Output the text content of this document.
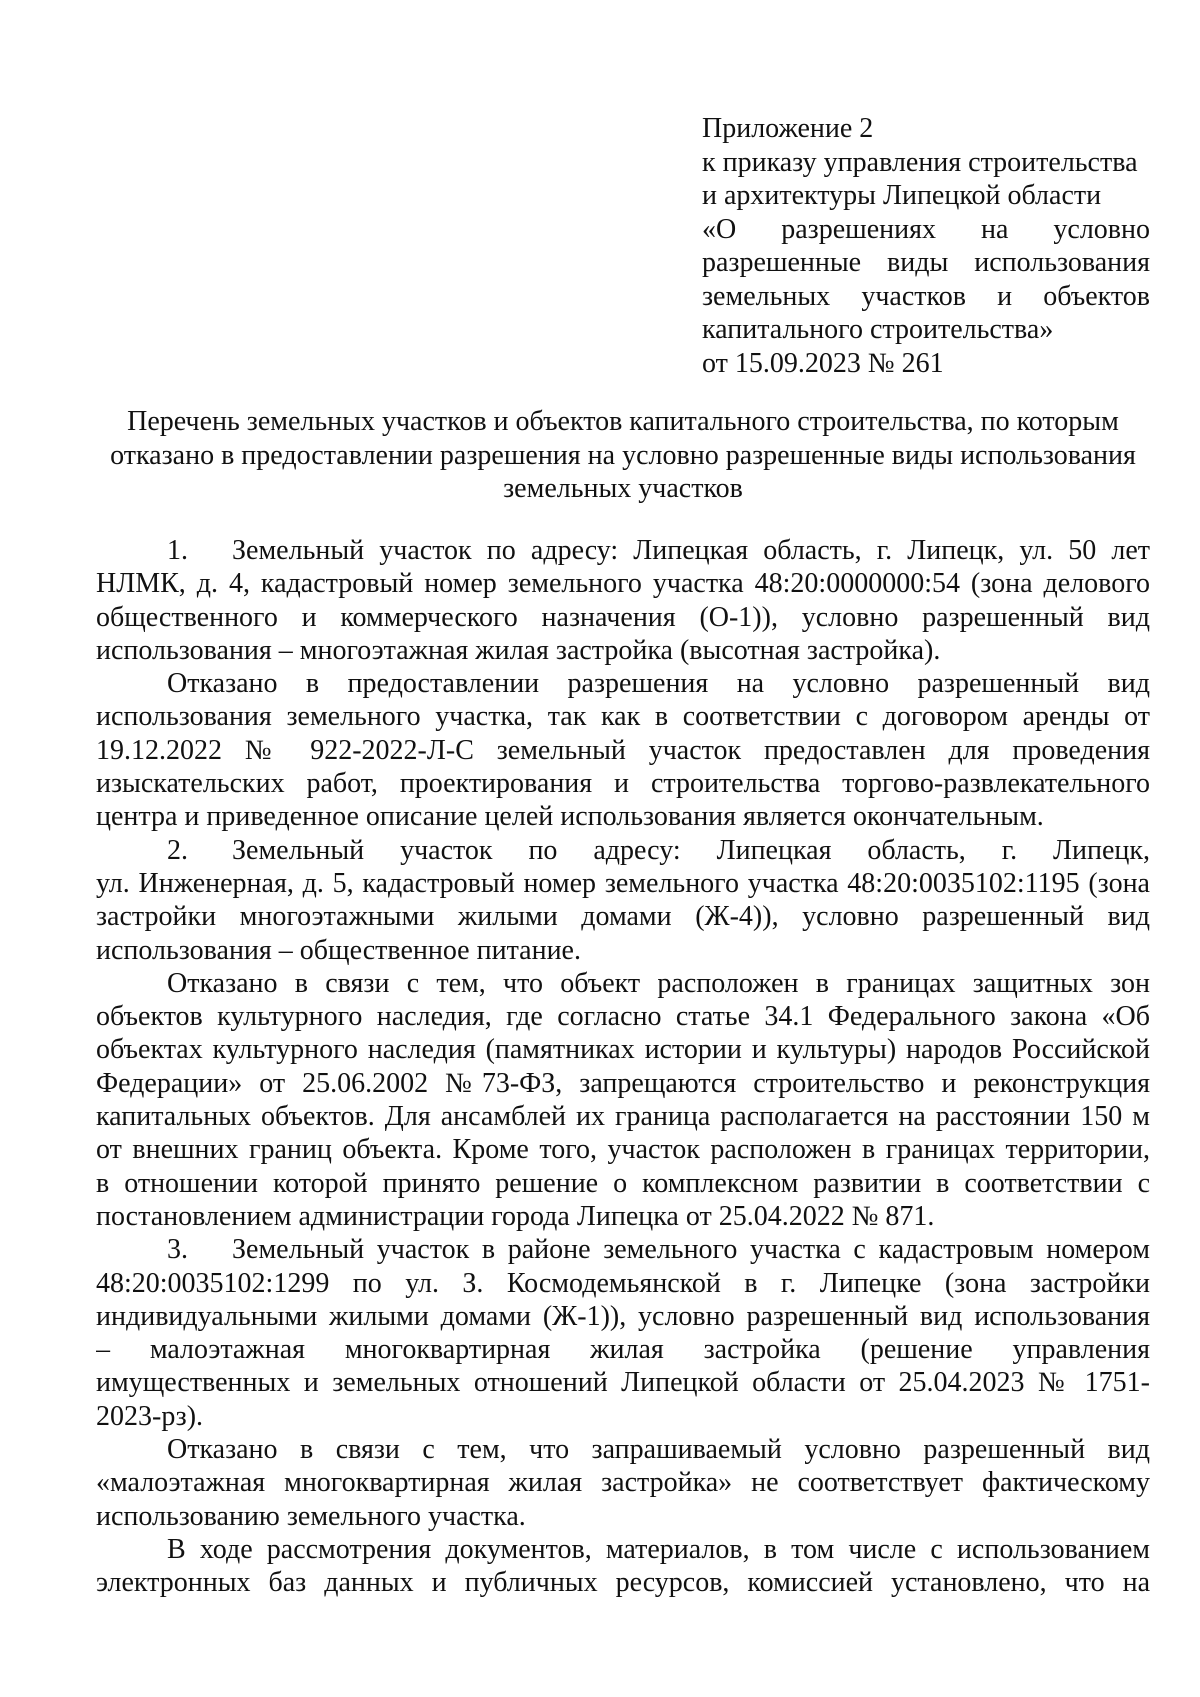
Приложение 2
к приказу управления строительства
и архитектуры Липецкой области
«О разрешениях на условно
разрешенные виды использования
земельных участков и объектов
капитального строительства»
от 15.09.2023 № 261
Перечень земельных участков и объектов капитального строительства, по которым
отказано в предоставлении разрешения на условно разрешенные виды использования
земельных участков
1. Земельный участок по адресу: Липецкая область, г. Липецк, ул. 50 лет
НЛМК, д. 4, кадастровый номер земельного участка 48:20:0000000:54 (зона делового
общественного и коммерческого назначения (О-1)), условно разрешенный вид
использования – многоэтажная жилая застройка (высотная застройка).
Отказано в предоставлении разрешения на условно разрешенный вид
использования земельного участка, так как в соответствии с договором аренды от
19.12.2022 № 922-2022-Л-С земельный участок предоставлен для проведения
изыскательских работ, проектирования и строительства торгово-развлекательного
центра и приведенное описание целей использования является окончательным.
2. Земельный участок по адресу: Липецкая область, г. Липецк,
ул. Инженерная, д. 5, кадастровый номер земельного участка 48:20:0035102:1195 (зона
застройки многоэтажными жилыми домами (Ж-4)), условно разрешенный вид
использования – общественное питание.
Отказано в связи с тем, что объект расположен в границах защитных зон
объектов культурного наследия, где согласно статье 34.1 Федерального закона «Об
объектах культурного наследия (памятниках истории и культуры) народов Российской
Федерации» от 25.06.2002 №73-ФЗ, запрещаются строительство и реконструкция
капитальных объектов. Для ансамблей их граница располагается на расстоянии 150 м
от внешних границ объекта. Кроме того, участок расположен в границах территории,
в отношении которой принято решение о комплексном развитии в соответствии с
постановлением администрации города Липецка от 25.04.2022 № 871.
3. Земельный участок в районе земельного участка с кадастровым номером
48:20:0035102:1299 по ул. З. Космодемьянской в г. Липецке (зона застройки
индивидуальными жилыми домами (Ж-1)), условно разрешенный вид использования
– малоэтажная многоквартирная жилая застройка (решение управления
имущественных и земельных отношений Липецкой области от 25.04.2023 № 1751-
2023-рз).
Отказано в связи с тем, что запрашиваемый условно разрешенный вид
«малоэтажная многоквартирная жилая застройка» не соответствует фактическому
использованию земельного участка.
В ходе рассмотрения документов, материалов, в том числе с использованием
электронных баз данных и публичных ресурсов, комиссией установлено, что на
